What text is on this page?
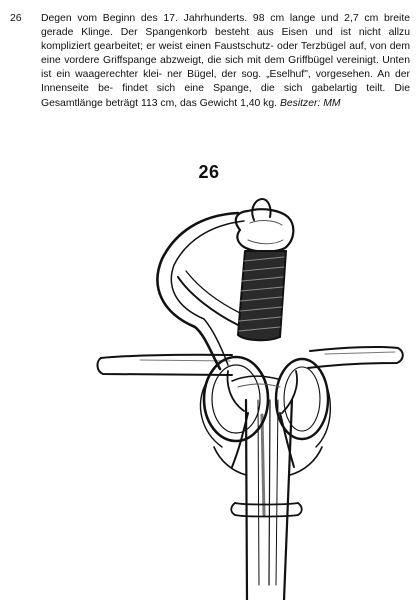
26	Degen vom Beginn des 17. Jahrhunderts. 98 cm lange und 2,7 cm breite gerade Klinge. Der Spangenkorb besteht aus Eisen und ist nicht allzu kompliziert gearbeitet; er weist einen Faustschutz- oder Terzbügel auf, von dem eine vordere Griffspange abzweigt, die sich mit dem Griffbügel vereinigt. Unten ist ein waagerechter klei- ner Bügel, der sog. „Eselhuf", vorgesehen. An der Innenseite be- findet sich eine Spange, die sich gabelartig teilt. Die Gesamtlänge beträgt 113 cm, das Gewicht 1,40 kg. Besitzer: MM
26
